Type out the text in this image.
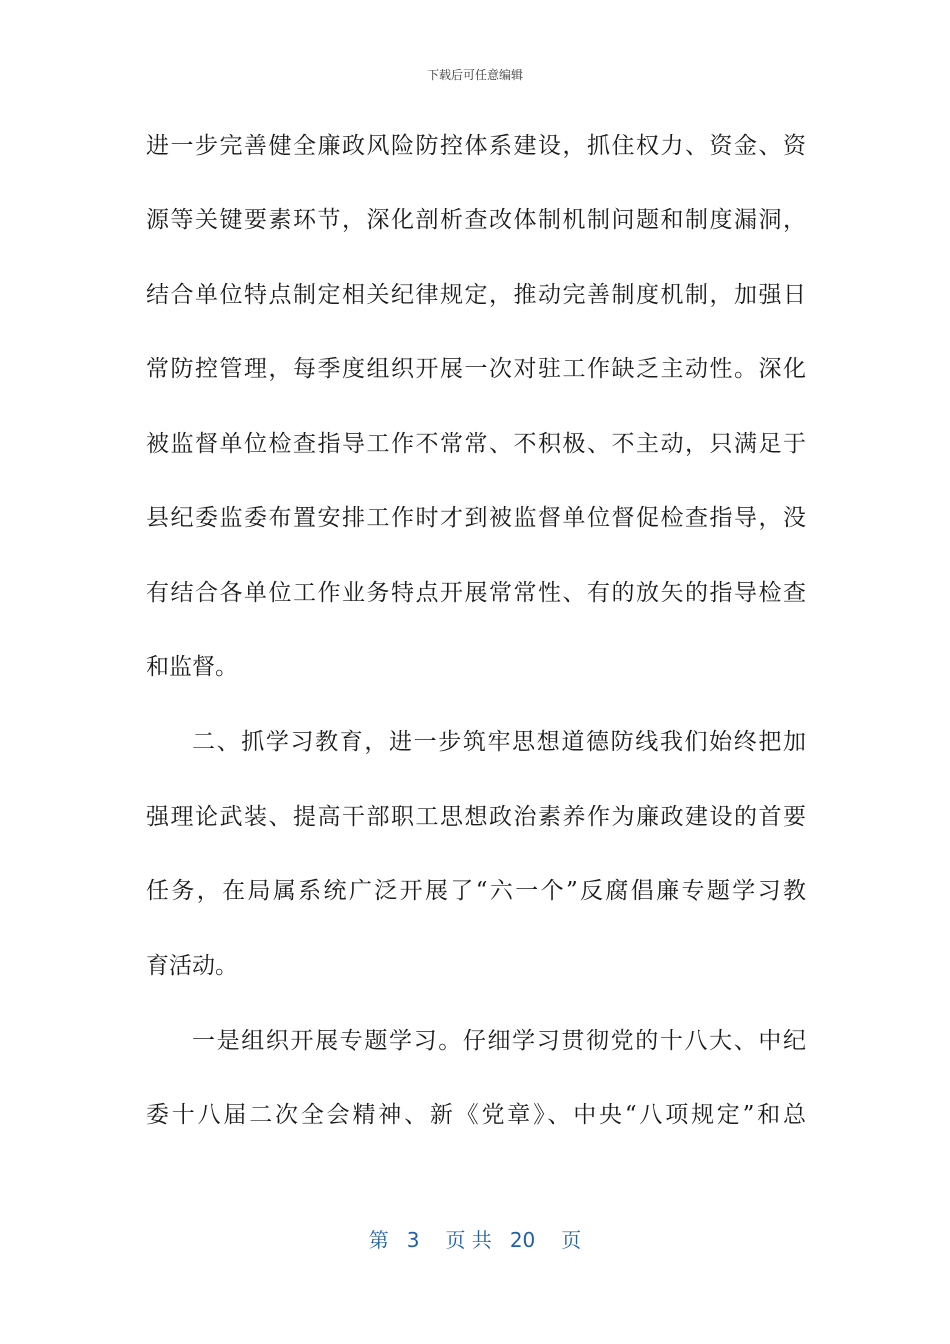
下载后可任意编辑
进一步完善健全廉政风险防控体系建设，抓住权力、资金、资
源等关键要素环节，深化剖析查改体制机制问题和制度漏洞，
结合单位特点制定相关纪律规定，推动完善制度机制，加强日
常防控管理，每季度组织开展一次对驻工作缺乏主动性。深化
被监督单位检查指导工作不常常、不积极、不主动，只满足于
县纪委监委布置安排工作时才到被监督单位督促检查指导，没
有结合各单位工作业务特点开展常常性、有的放矢的指导检查
和监督。
二、抓学习教育，进一步筑牢思想道德防线我们始终把加
强理论武装、提高干部职工思想政治素养作为廉政建设的首要
任务，在局属系统广泛开展了“六一个”反腐倡廉专题学习教
育活动。
一是组织开展专题学习。仔细学习贯彻党的十八大、中纪
委十八届二次全会精神、新《党章》、中央“八项规定”和总
第 3 页 共 20 页
